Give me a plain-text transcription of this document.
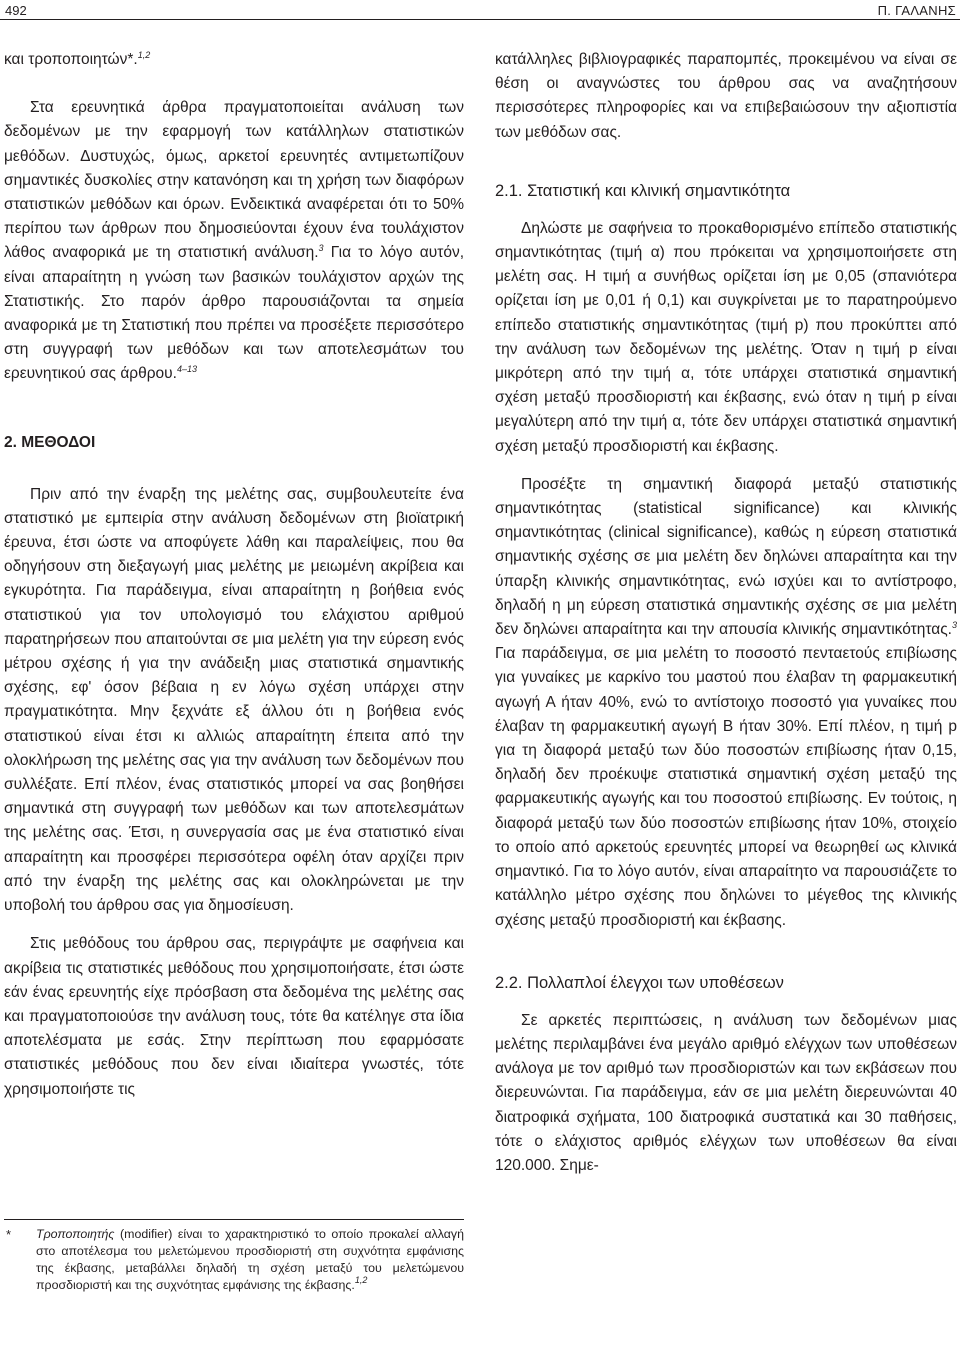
492	Π. ΓΑΛΑΝΗΣ

και τροποποιητών*.$^{1,2}$

Στα ερευνητικά άρθρα πραγματοποιείται ανάλυση των δεδομένων με την εφαρμογή των κατάλληλων στατιστικών μεθόδων. Δυστυχώς, όμως, αρκετοί ερευνητές αντιμετωπίζουν σημαντικές δυσκολίες στην κατανόηση και τη χρήση των διαφόρων στατιστικών μεθόδων και όρων. Ενδεικτικά αναφέρεται ότι το 50% περίπου των άρθρων που δημοσιεύονται έχουν ένα τουλάχιστον λάθος αναφορικά με τη στατιστική ανάλυση.$^3$ Για το λόγο αυτόν, είναι απαραίτητη η γνώση των βασικών τουλάχιστον αρχών της Στατιστικής. Στο παρόν άρθρο παρουσιάζονται τα σημεία αναφορικά με τη Στατιστική που πρέπει να προσέξετε περισσότερο στη συγγραφή των μεθόδων και των αποτελεσμάτων του ερευνητικού σας άρθρου.$^{4-13}$

2. ΜΕΘΟΔΟΙ

Πριν από την έναρξη της μελέτης σας, συμβουλευτείτε ένα στατιστικό με εμπειρία στην ανάλυση δεδομένων στη βιοϊατρική έρευνα, έτσι ώστε να αποφύγετε λάθη και παραλείψεις, που θα οδηγήσουν στη διεξαγωγή μιας μελέτης με μειωμένη ακρίβεια και εγκυρότητα. Για παράδειγμα, είναι απαραίτητη η βοήθεια ενός στατιστικού για τον υπολογισμό του ελάχιστου αριθμού παρατηρήσεων που απαιτούνται σε μια μελέτη για την εύρεση ενός μέτρου σχέσης ή για την ανάδειξη μιας στατιστικά σημαντικής σχέσης, εφ' όσον βέβαια η εν λόγω σχέση υπάρχει στην πραγματικότητα. Μην ξεχνάτε εξ άλλου ότι η βοήθεια ενός στατιστικού είναι έτσι κι αλλιώς απαραίτητη έπειτα από την ολοκλήρωση της μελέτης σας για την ανάλυση των δεδομένων που συλλέξατε. Επί πλέον, ένας στατιστικός μπορεί να σας βοηθήσει σημαντικά στη συγγραφή των μεθόδων και των αποτελεσμάτων της μελέτης σας. Έτσι, η συνεργασία σας με ένα στατιστικό είναι απαραίτητη και προσφέρει περισσότερα οφέλη όταν αρχίζει πριν από την έναρξη της μελέτης σας και ολοκληρώνεται με την υποβολή του άρθρου σας για δημοσίευση.

Στις μεθόδους του άρθρου σας, περιγράψτε με σαφήνεια και ακρίβεια τις στατιστικές μεθόδους που χρησιμοποιήσατε, έτσι ώστε εάν ένας ερευνητής είχε πρόσβαση στα δεδομένα της μελέτης σας και πραγματοποιούσε την ανάλυση τους, τότε θα κατέληγε στα ίδια αποτελέσματα με εσάς. Στην περίπτωση που εφαρμόσατε στατιστικές μεθόδους που δεν είναι ιδιαίτερα γνωστές, τότε χρησιμοποιήστε τις

* Τροποποιητής (modifier) είναι το χαρακτηριστικό το οποίο προκαλεί αλλαγή στο αποτέλεσμα του μελετώμενου προσδιοριστή στη συχνότητα εμφάνισης της έκβασης, μεταβάλλει δηλαδή τη σχέση μεταξύ του μελετώμενου προσδιοριστή και της συχνότητας εμφάνισης της έκβασης.$^{1,2}$

κατάλληλες βιβλιογραφικές παραπομπές, προκειμένου να είναι σε θέση οι αναγνώστες του άρθρου σας να αναζητήσουν περισσότερες πληροφορίες και να επιβεβαιώσουν την αξιοπιστία των μεθόδων σας.

2.1. Στατιστική και κλινική σημαντικότητα

Δηλώστε με σαφήνεια το προκαθορισμένο επίπεδο στατιστικής σημαντικότητας (τιμή α) που πρόκειται να χρησιμοποιήσετε στη μελέτη σας. Η τιμή α συνήθως ορίζεται ίση με 0,05 (σπανιότερα ορίζεται ίση με 0,01 ή 0,1) και συγκρίνεται με το παρατηρούμενο επίπεδο στατιστικής σημαντικότητας (τιμή p) που προκύπτει από την ανάλυση των δεδομένων της μελέτης. Όταν η τιμή p είναι μικρότερη από την τιμή α, τότε υπάρχει στατιστικά σημαντική σχέση μεταξύ προσδιοριστή και έκβασης, ενώ όταν η τιμή p είναι μεγαλύτερη από την τιμή α, τότε δεν υπάρχει στατιστικά σημαντική σχέση μεταξύ προσδιοριστή και έκβασης.

Προσέξτε τη σημαντική διαφορά μεταξύ στατιστικής σημαντικότητας (statistical significance) και κλινικής σημαντικότητας (clinical significance), καθώς η εύρεση στατιστικά σημαντικής σχέσης σε μια μελέτη δεν δηλώνει απαραίτητα και την ύπαρξη κλινικής σημαντικότητας, ενώ ισχύει και το αντίστροφο, δηλαδή η μη εύρεση στατιστικά σημαντικής σχέσης σε μια μελέτη δεν δηλώνει απαραίτητα και την απουσία κλινικής σημαντικότητας.$^3$ Για παράδειγμα, σε μια μελέτη το ποσοστό πενταετούς επιβίωσης για γυναίκες με καρκίνο του μαστού που έλαβαν τη φαρμακευτική αγωγή Α ήταν 40%, ενώ το αντίστοιχο ποσοστό για γυναίκες που έλαβαν τη φαρμακευτική αγωγή Β ήταν 30%. Επί πλέον, η τιμή p για τη διαφορά μεταξύ των δύο ποσοστών επιβίωσης ήταν 0,15, δηλαδή δεν προέκυψε στατιστικά σημαντική σχέση μεταξύ της φαρμακευτικής αγωγής και του ποσοστού επιβίωσης. Εν τούτοις, η διαφορά μεταξύ των δύο ποσοστών επιβίωσης ήταν 10%, στοιχείο το οποίο από αρκετούς ερευνητές μπορεί να θεωρηθεί ως κλινικά σημαντικό. Για το λόγο αυτόν, είναι απαραίτητο να παρουσιάζετε το κατάλληλο μέτρο σχέσης που δηλώνει το μέγεθος της κλινικής σχέσης μεταξύ προσδιοριστή και έκβασης.

2.2. Πολλαπλοί έλεγχοι των υποθέσεων

Σε αρκετές περιπτώσεις, η ανάλυση των δεδομένων μιας μελέτης περιλαμβάνει ένα μεγάλο αριθμό ελέγχων των υποθέσεων ανάλογα με τον αριθμό των προσδιοριστών και των εκβάσεων που διερευνώνται. Για παράδειγμα, εάν σε μια μελέτη διερευνώνται 40 διατροφικά σχήματα, 100 διατροφικά συστατικά και 30 παθήσεις, τότε ο ελάχιστος αριθμός ελέγχων των υποθέσεων θα είναι 120.000. Σημε-
